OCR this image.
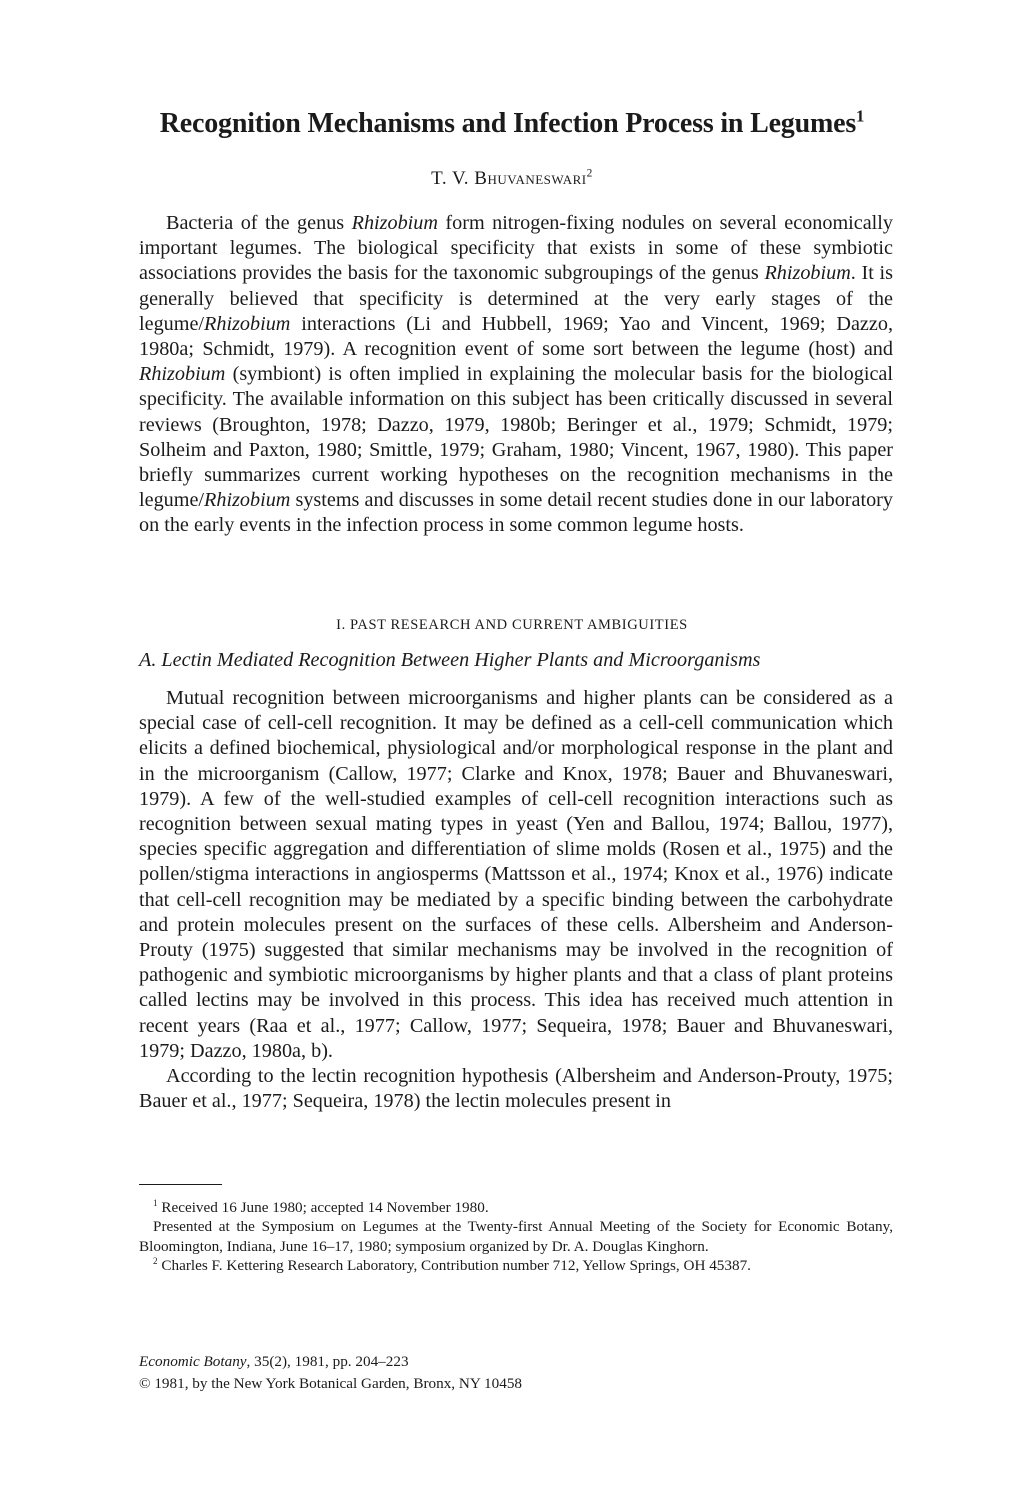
Recognition Mechanisms and Infection Process in Legumes$^1$
T. V. Bhuvaneswari$^2$

Bacteria of the genus Rhizobium form nitrogen-fixing nodules on several economically important legumes. The biological specificity that exists in some of these symbiotic associations provides the basis for the taxonomic subgroupings of the genus Rhizobium. It is generally believed that specificity is determined at the very early stages of the legume/Rhizobium interactions (Li and Hubbell, 1969; Yao and Vincent, 1969; Dazzo, 1980a; Schmidt, 1979). A recognition event of some sort between the legume (host) and Rhizobium (symbiont) is often implied in explaining the molecular basis for the biological specificity. The available information on this subject has been critically discussed in several reviews (Broughton, 1978; Dazzo, 1979, 1980b; Beringer et al., 1979; Schmidt, 1979; Solheim and Paxton, 1980; Smittle, 1979; Graham, 1980; Vincent, 1967, 1980). This paper briefly summarizes current working hypotheses on the recognition mechanisms in the legume/Rhizobium systems and discusses in some detail recent studies done in our laboratory on the early events in the infection process in some common legume hosts.

I. PAST RESEARCH AND CURRENT AMBIGUITIES
A. Lectin Mediated Recognition Between Higher Plants and Microorganisms

Mutual recognition between microorganisms and higher plants can be considered as a special case of cell-cell recognition. It may be defined as a cell-cell communication which elicits a defined biochemical, physiological and/or morphological response in the plant and in the microorganism (Callow, 1977; Clarke and Knox, 1978; Bauer and Bhuvaneswari, 1979). A few of the well-studied examples of cell-cell recognition interactions such as recognition between sexual mating types in yeast (Yen and Ballou, 1974; Ballou, 1977), species specific aggregation and differentiation of slime molds (Rosen et al., 1975) and the pollen/stigma interactions in angiosperms (Mattsson et al., 1974; Knox et al., 1976) indicate that cell-cell recognition may be mediated by a specific binding between the carbohydrate and protein molecules present on the surfaces of these cells. Albersheim and Anderson-Prouty (1975) suggested that similar mechanisms may be involved in the recognition of pathogenic and symbiotic microorganisms by higher plants and that a class of plant proteins called lectins may be involved in this process. This idea has received much attention in recent years (Raa et al., 1977; Callow, 1977; Sequeira, 1978; Bauer and Bhuvaneswari, 1979; Dazzo, 1980a, b).

According to the lectin recognition hypothesis (Albersheim and Anderson-Prouty, 1975; Bauer et al., 1977; Sequeira, 1978) the lectin molecules present in

$^1$ Received 16 June 1980; accepted 14 November 1980.

Presented at the Symposium on Legumes at the Twenty-first Annual Meeting of the Society for Economic Botany, Bloomington, Indiana, June 16–17, 1980; symposium organized by Dr. A. Douglas Kinghorn.

$^2$ Charles F. Kettering Research Laboratory, Contribution number 712, Yellow Springs, OH 45387.

Economic Botany, 35(2), 1981, pp. 204–223
© 1981, by the New York Botanical Garden, Bronx, NY 10458
